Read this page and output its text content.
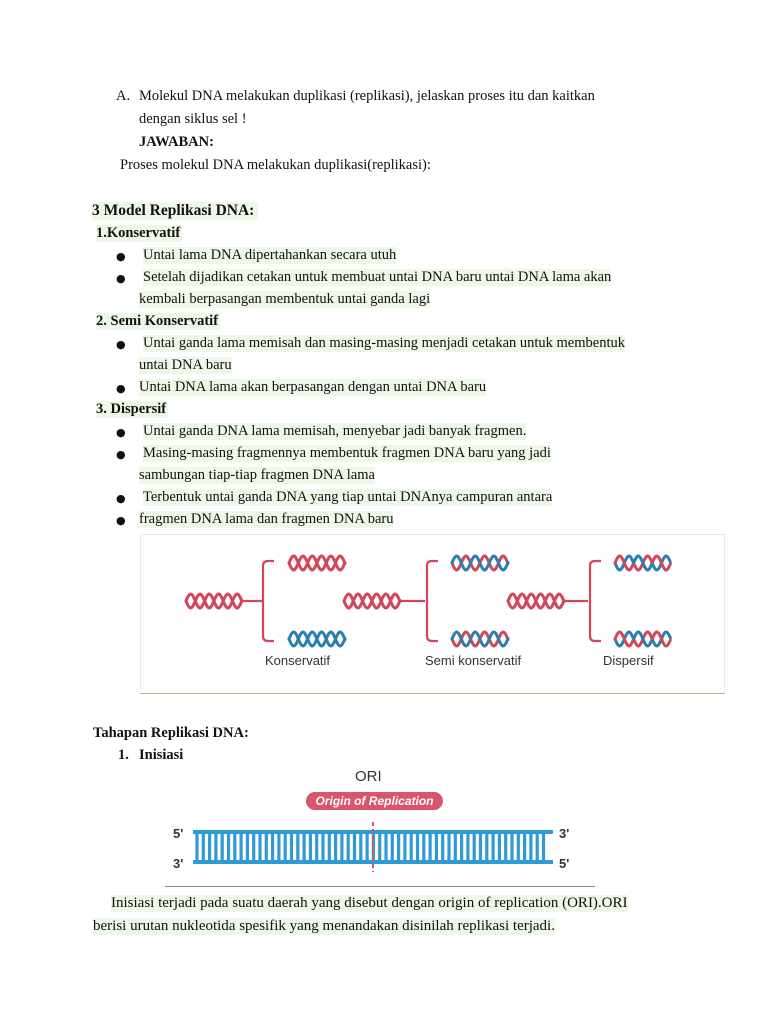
A. Molekul DNA melakukan duplikasi (replikasi), jelaskan proses itu dan kaitkan
dengan siklus sel !
JAWABAN:
Proses molekul DNA melakukan duplikasi(replikasi):
3 Model Replikasi DNA:
1.Konservatif
● Untai lama DNA dipertahankan secara utuh
● Setelah dijadikan cetakan untuk membuat untai DNA baru untai DNA lama akan
kembali berpasangan membentuk untai ganda lagi
2. Semi Konservatif
● Untai ganda lama memisah dan masing-masing menjadi cetakan untuk membentuk
untai DNA baru
● Untai DNA lama akan berpasangan dengan untai DNA baru
3. Dispersif
● Untai ganda DNA lama memisah, menyebar jadi banyak fragmen.
● Masing-masing fragmennya membentuk fragmen DNA baru yang jadi
sambungan tiap-tiap fragmen DNA lama
● Terbentuk untai ganda DNA yang tiap untai DNAnya campuran antara
● fragmen DNA lama dan fragmen DNA baru
Konservatif	Semi konservatif	Dispersif
Tahapan Replikasi DNA:
1. Inisiasi
ORI
Origin of Replication
5'
3'
3'
5'
Inisiasi terjadi pada suatu daerah yang disebut dengan origin of replication (ORI).ORI
berisi urutan nukleotida spesifik yang menandakan disinilah replikasi terjadi.
